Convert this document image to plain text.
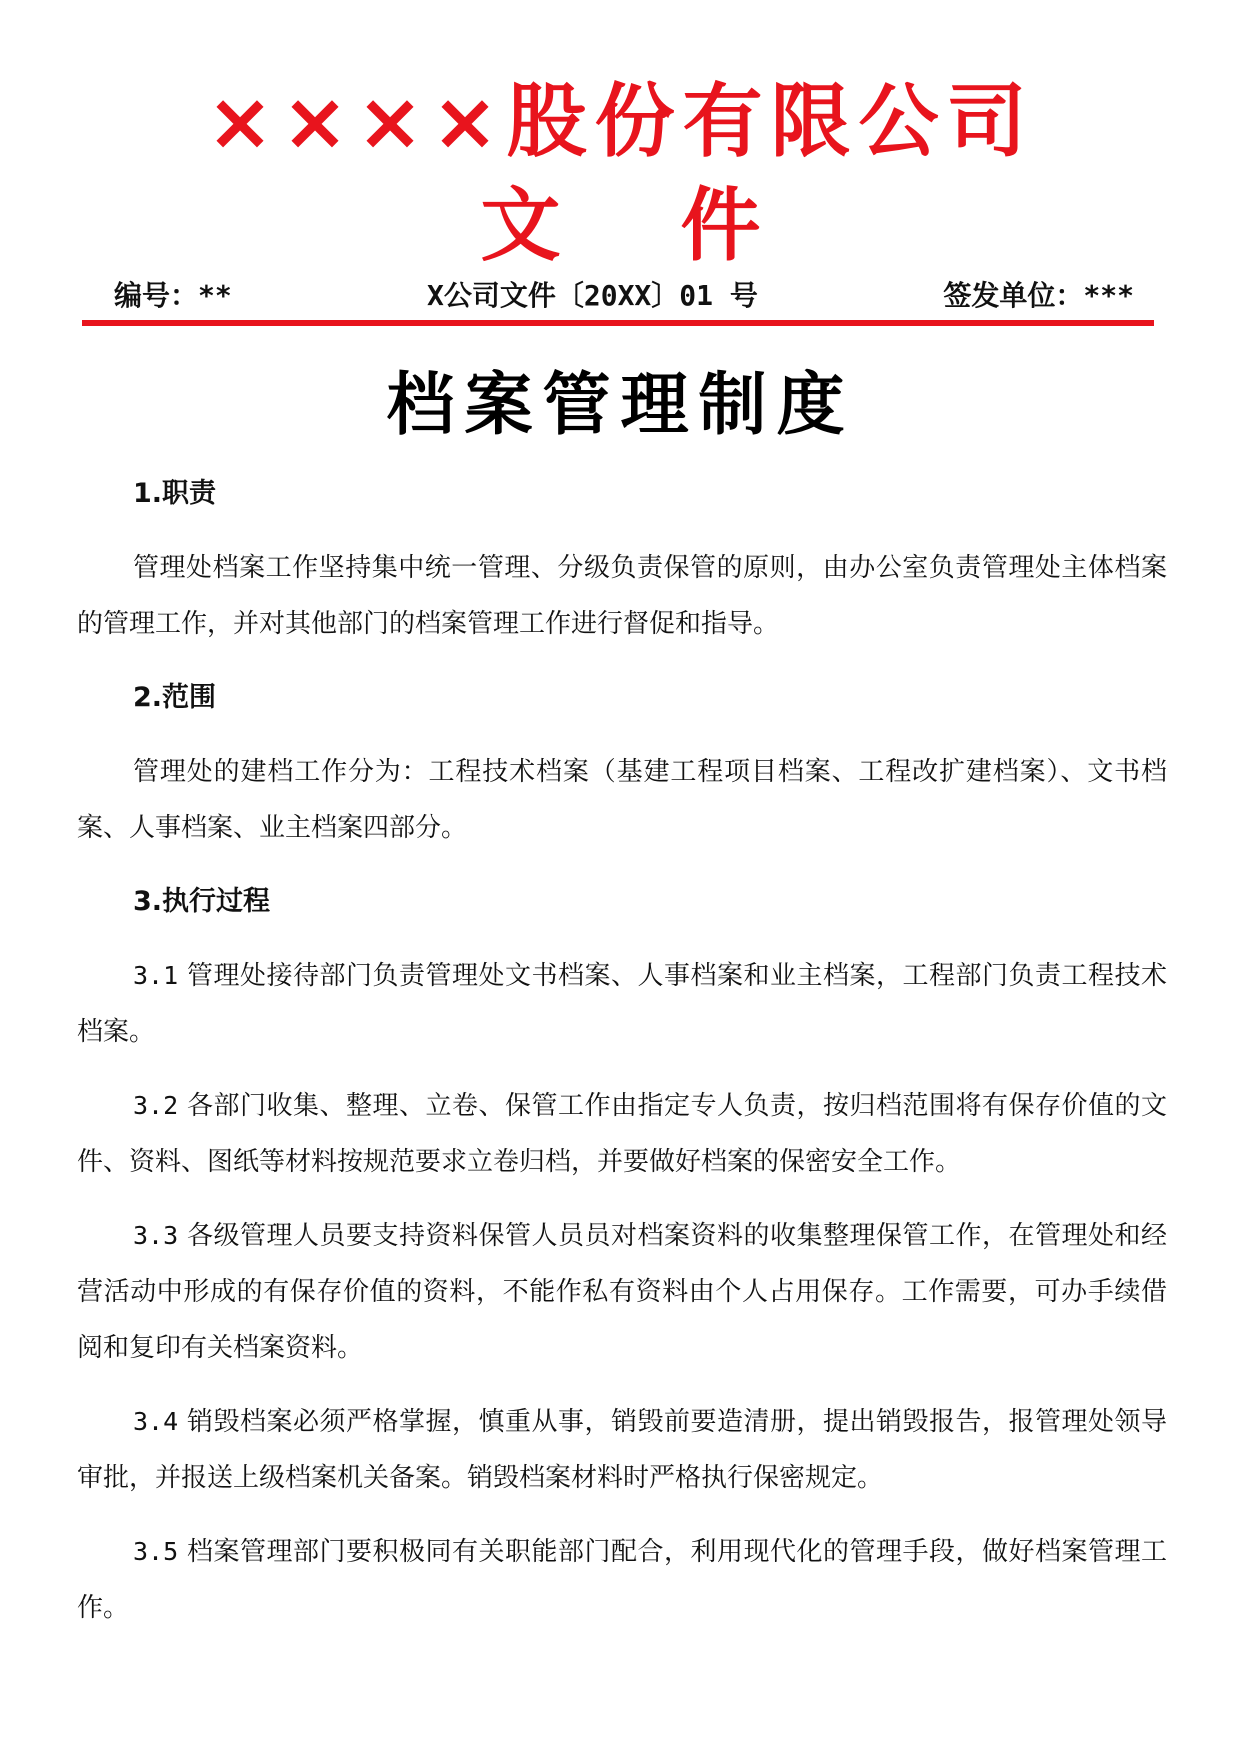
××××股份有限公司
文 件
编号：**	X公司文件〔20XX〕01 号	签发单位：***
档案管理制度
1.职责
管理处档案工作坚持集中统一管理、分级负责保管的原则，由办公室负责管理处主体档案的管理工作，并对其他部门的档案管理工作进行督促和指导。
2.范围
管理处的建档工作分为：工程技术档案（基建工程项目档案、工程改扩建档案）、文书档案、人事档案、业主档案四部分。
3.执行过程
3.1 管理处接待部门负责管理处文书档案、人事档案和业主档案，工程部门负责工程技术档案。
3.2 各部门收集、整理、立卷、保管工作由指定专人负责，按归档范围将有保存价值的文件、资料、图纸等材料按规范要求立卷归档，并要做好档案的保密安全工作。
3.3 各级管理人员要支持资料保管人员员对档案资料的收集整理保管工作，在管理处和经营活动中形成的有保存价值的资料，不能作私有资料由个人占用保存。工作需要，可办手续借阅和复印有关档案资料。
3.4 销毁档案必须严格掌握，慎重从事，销毁前要造清册，提出销毁报告，报管理处领导审批，并报送上级档案机关备案。销毁档案材料时严格执行保密规定。
3.5 档案管理部门要积极同有关职能部门配合，利用现代化的管理手段，做好档案管理工作。
